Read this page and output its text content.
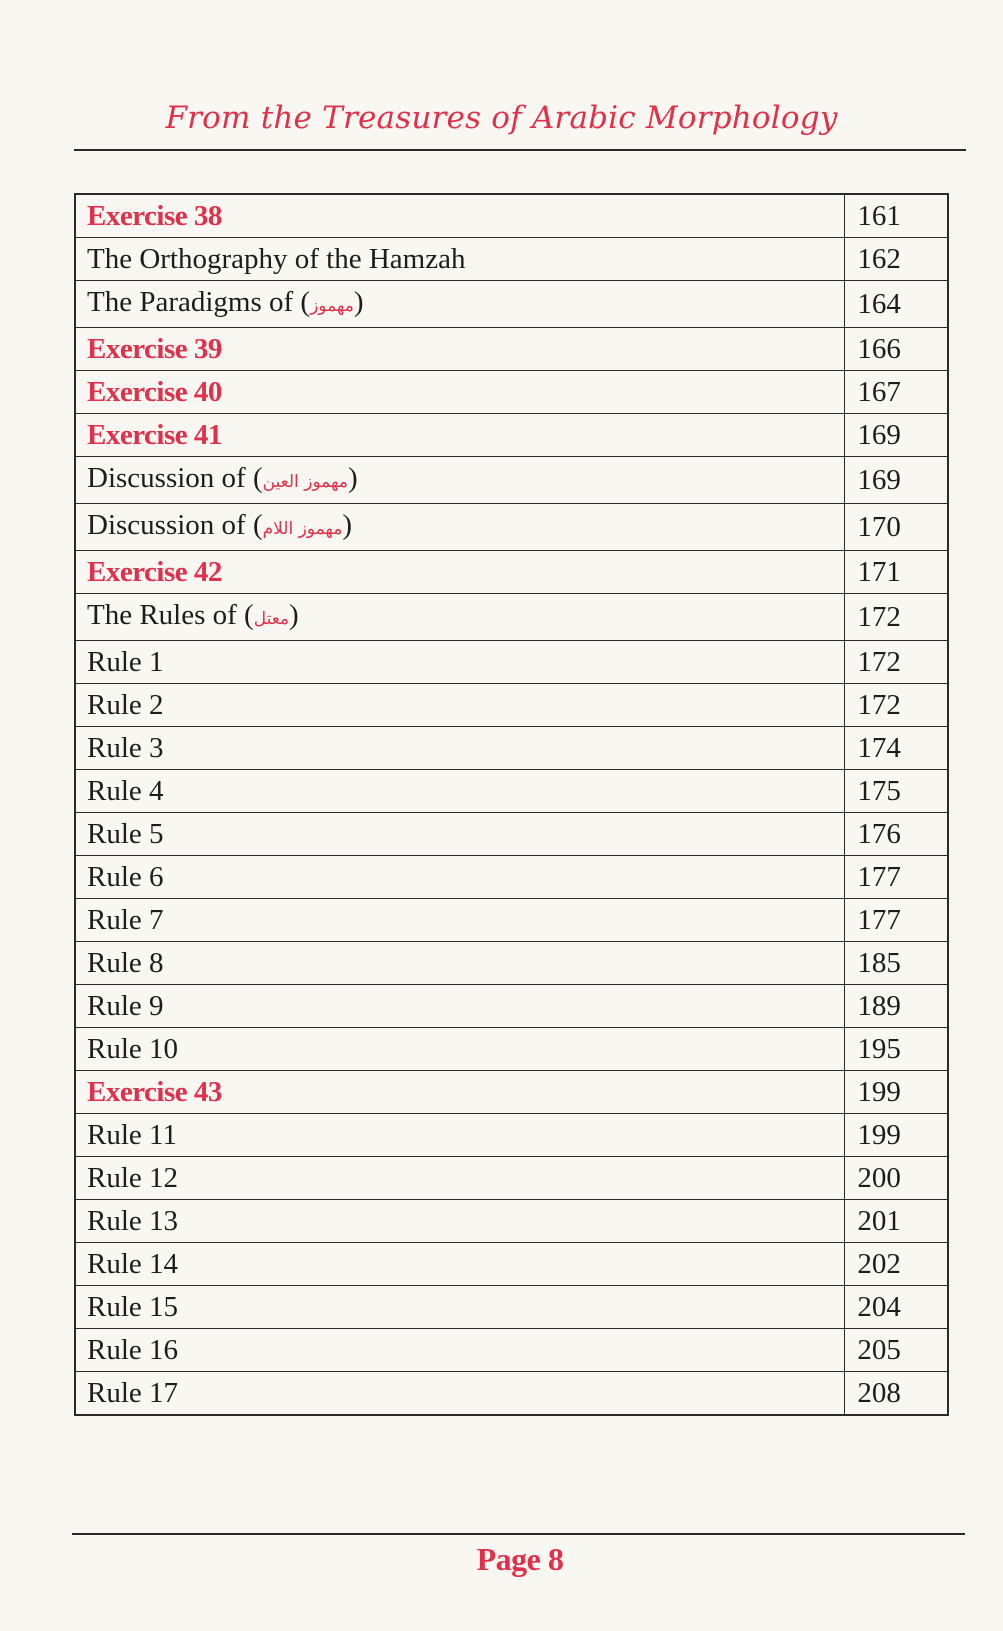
From the Treasures of Arabic Morphology
Exercise 38	161
The Orthography of the Hamzah	162
The Paradigms of (مهموز)	164
Exercise 39	166
Exercise 40	167
Exercise 41	169
Discussion of (مهموز العين)	169
Discussion of (مهموز اللام)	170
Exercise 42	171
The Rules of (معتل)	172
Rule 1	172
Rule 2	172
Rule 3	174
Rule 4	175
Rule 5	176
Rule 6	177
Rule 7	177
Rule 8	185
Rule 9	189
Rule 10	195
Exercise 43	199
Rule 11	199
Rule 12	200
Rule 13	201
Rule 14	202
Rule 15	204
Rule 16	205
Rule 17	208
Page 8
